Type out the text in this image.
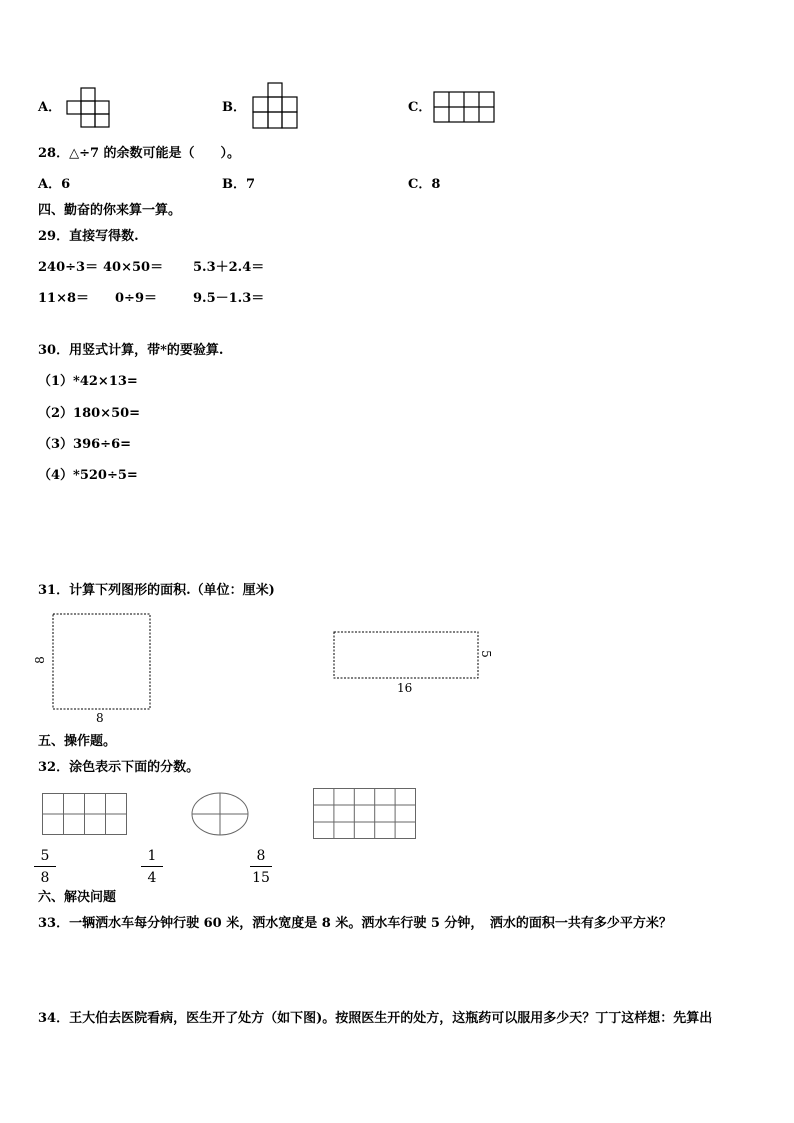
A．	B．	C．
28．△÷7 的余数可能是（　　）。
A．6	B．7	C．8
四、勤奋的你来算一算。
29．直接写得数.
240÷3＝ 40×50＝ 5.3＋2.4＝
11×8＝ 0÷9＝	9.5－1.3＝
30．用竖式计算，带*的要验算.
（1）*42×13=
（2）180×50=
（3）396÷6=
（4）*520÷5=
31．计算下列图形的面积.（单位：厘米)
8
8
5
16
五、操作题。
32．涂色表示下面的分数。
5
8
1
4
8
15
六、解决问题
33．一辆洒水车每分钟行驶 60 米，洒水宽度是 8 米。洒水车行驶 5 分钟，　洒水的面积一共有多少平方米？
34．王大伯去医院看病，医生开了处方（如下图)。按照医生开的处方，这瓶药可以服用多少天？丁丁这样想：先算出
